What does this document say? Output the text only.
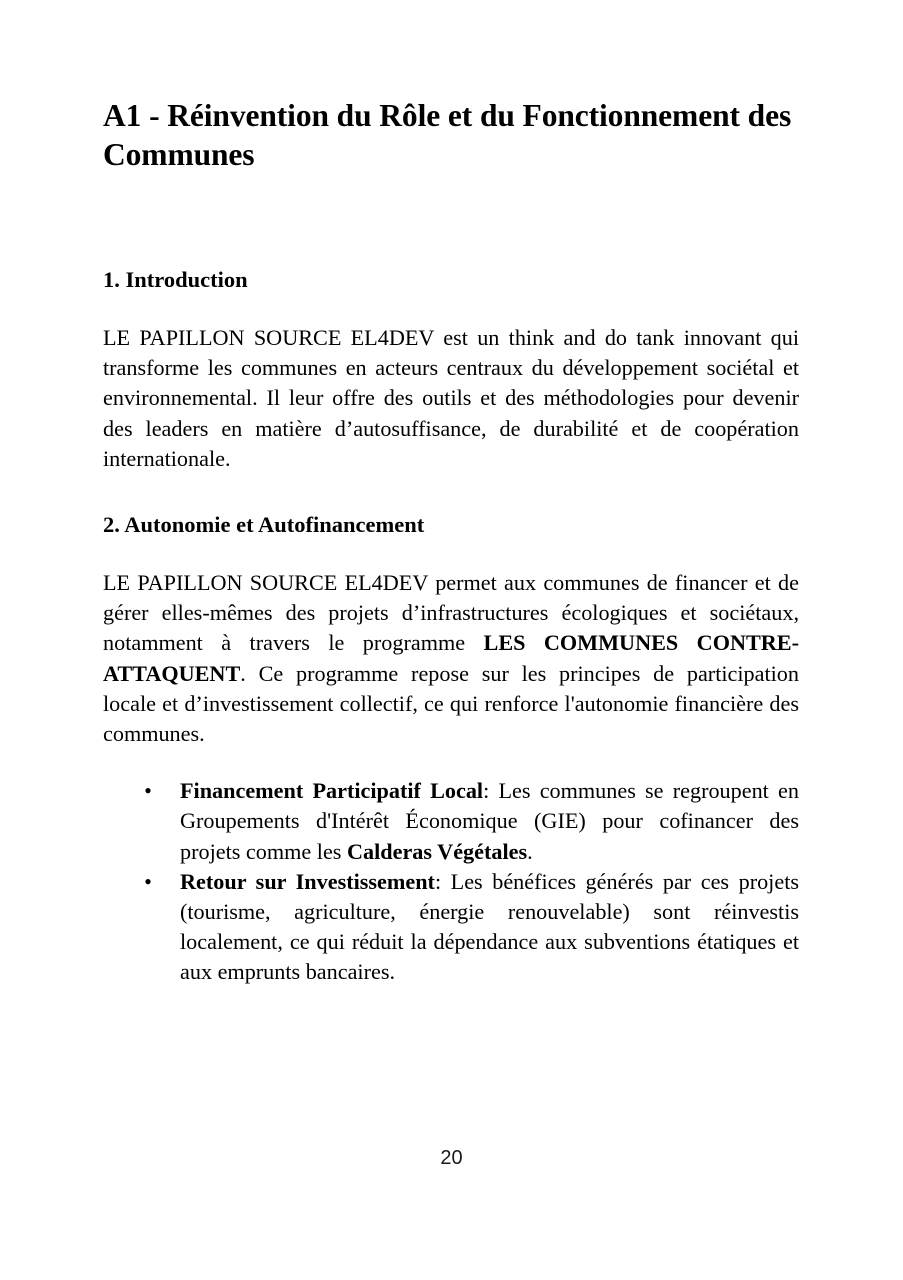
A1 - Réinvention du Rôle et du Fonctionnement des Communes
1. Introduction

LE PAPILLON SOURCE EL4DEV est un think and do tank innovant qui transforme les communes en acteurs centraux du développement sociétal et environnemental. Il leur offre des outils et des méthodologies pour devenir des leaders en matière d’autosuffisance, de durabilité et de coopération internationale.

2. Autonomie et Autofinancement

LE PAPILLON SOURCE EL4DEV permet aux communes de financer et de gérer elles-mêmes des projets d’infrastructures écologiques et sociétaux, notamment à travers le programme LES COMMUNES CONTRE-ATTAQUENT. Ce programme repose sur les principes de participation locale et d’investissement collectif, ce qui renforce l'autonomie financière des communes.

• Financement Participatif Local: Les communes se regroupent en Groupements d'Intérêt Économique (GIE) pour cofinancer des projets comme les Calderas Végétales.
• Retour sur Investissement: Les bénéfices générés par ces projets (tourisme, agriculture, énergie renouvelable) sont réinvestis localement, ce qui réduit la dépendance aux subventions étatiques et aux emprunts bancaires.
20
